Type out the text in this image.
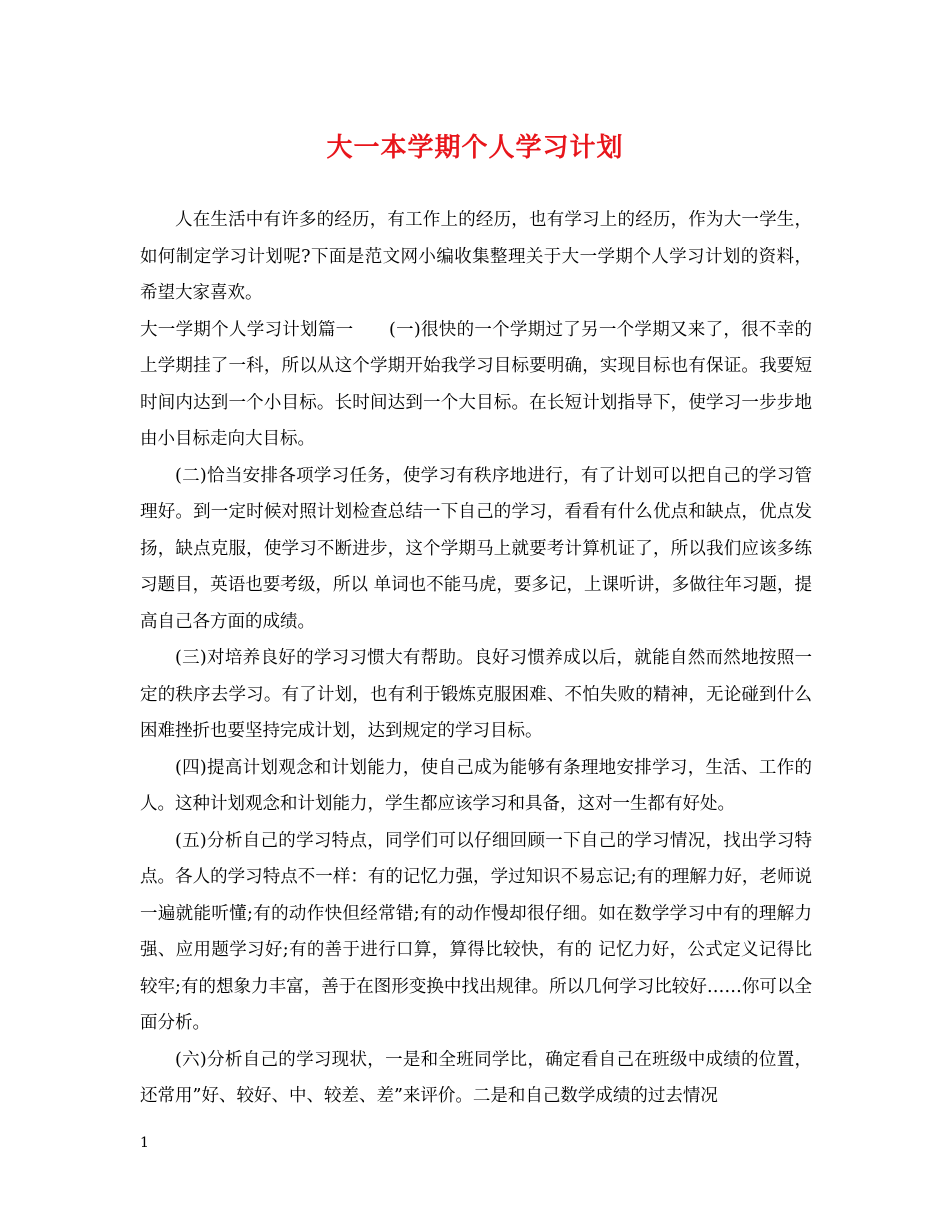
大一本学期个人学习计划

人在生活中有许多的经历，有工作上的经历，也有学习上的经历，作为大一学生，如何制定学习计划呢?下面是范文网小编收集整理关于大一学期个人学习计划的资料，希望大家喜欢。

大一学期个人学习计划篇一　　(一)很快的一个学期过了另一个学期又来了，很不幸的上学期挂了一科，所以从这个学期开始我学习目标要明确，实现目标也有保证。我要短时间内达到一个小目标。长时间达到一个大目标。在长短计划指导下，使学习一步步地由小目标走向大目标。

(二)恰当安排各项学习任务，使学习有秩序地进行，有了计划可以把自己的学习管理好。到一定时候对照计划检查总结一下自己的学习，看看有什么优点和缺点，优点发扬，缺点克服，使学习不断进步，这个学期马上就要考计算机证了，所以我们应该多练习题目，英语也要考级，所以 单词也不能马虎，要多记，上课听讲，多做往年习题，提高自己各方面的成绩。

(三)对培养良好的学习习惯大有帮助。良好习惯养成以后，就能自然而然地按照一定的秩序去学习。有了计划，也有利于锻炼克服困难、不怕失败的精神，无论碰到什么困难挫折也要坚持完成计划，达到规定的学习目标。

(四)提高计划观念和计划能力，使自己成为能够有条理地安排学习，生活、工作的人。这种计划观念和计划能力，学生都应该学习和具备，这对一生都有好处。

(五)分析自己的学习特点，同学们可以仔细回顾一下自己的学习情况，找出学习特点。各人的学习特点不一样：有的记忆力强，学过知识不易忘记;有的理解力好，老师说一遍就能听懂;有的动作快但经常错;有的动作慢却很仔细。如在数学学习中有的理解力强、应用题学习好;有的善于进行口算，算得比较快，有的 记忆力好，公式定义记得比较牢;有的想象力丰富，善于在图形变换中找出规律。所以几何学习比较好……你可以全面分析。

(六)分析自己的学习现状，一是和全班同学比，确定看自己在班级中成绩的位置，还常用”好、较好、中、较差、差”来评价。二是和自己数学成绩的过去情况

1
